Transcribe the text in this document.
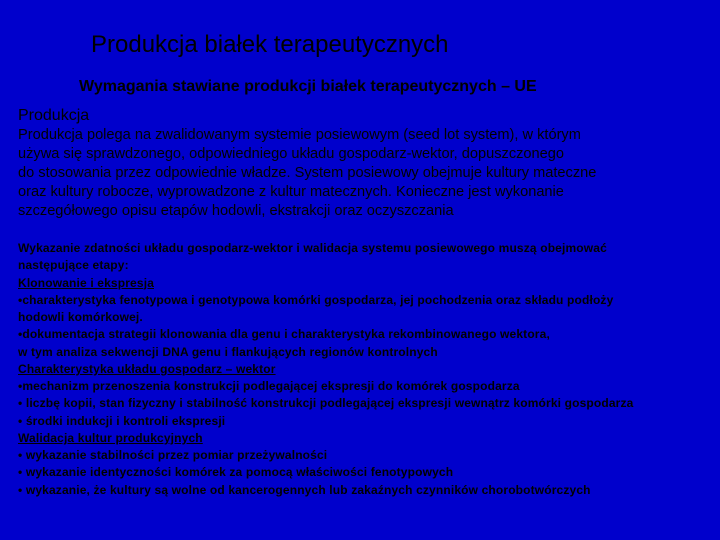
Produkcja białek terapeutycznych
Wymagania stawiane produkcji białek terapeutycznych – UE
Produkcja
Produkcja polega na zwalidowanym systemie posiewowym (seed lot system), w którym
używa się sprawdzonego, odpowiedniego układu gospodarz-wektor, dopuszczonego
do stosowania przez odpowiednie władze. System posiewowy obejmuje kultury mateczne
oraz kultury robocze, wyprowadzone z kultur matecznych. Konieczne jest wykonanie
szczegółowego opisu etapów hodowli, ekstrakcji oraz oczyszczania
Wykazanie zdatności układu gospodarz-wektor i walidacja systemu posiewowego muszą obejmować
następujące etapy:
Klonowanie i ekspresja
•charakterystyka fenotypowa i genotypowa komórki gospodarza, jej pochodzenia oraz składu podłoży
hodowli komórkowej.
•dokumentacja strategii klonowania dla genu i charakterystyka rekombinowanego wektora,
w tym analiza sekwencji DNA genu i flankujących regionów kontrolnych
Charakterystyka układu gospodarz – wektor
•mechanizm przenoszenia konstrukcji podlegającej ekspresji do komórek gospodarza
• liczbę kopii, stan fizyczny i stabilność konstrukcji podlegającej ekspresji wewnątrz komórki gospodarza
• środki indukcji i kontroli ekspresji
Walidacja kultur produkcyjnych
• wykazanie stabilności przez pomiar przeżywalności
• wykazanie identyczności komórek za pomocą właściwości fenotypowych
• wykazanie, że kultury są wolne od kancerogennych lub zakaźnych czynników chorobotwórczych
